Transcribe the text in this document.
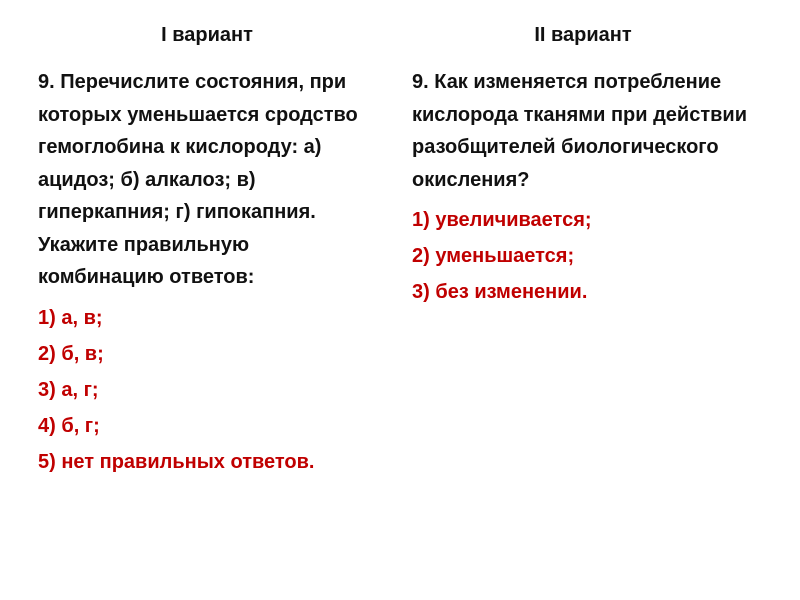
I вариант	II вариант

9. Перечислите состояния, при которых уменьшается сродство гемоглобина к кислороду: а) ацидоз; б) алкалоз; в) гиперкапния; г) гипокапния. Укажите правильную комбинацию ответов:

1) а, в;
2) б, в;
3) а, г;
4) б, г;
5) нет правильных ответов.

9. Как изменяется потребление кислорода тканями при действии разобщителей биологического окисления?

1) увеличивается;
2) уменьшается;
3) без изменении.
